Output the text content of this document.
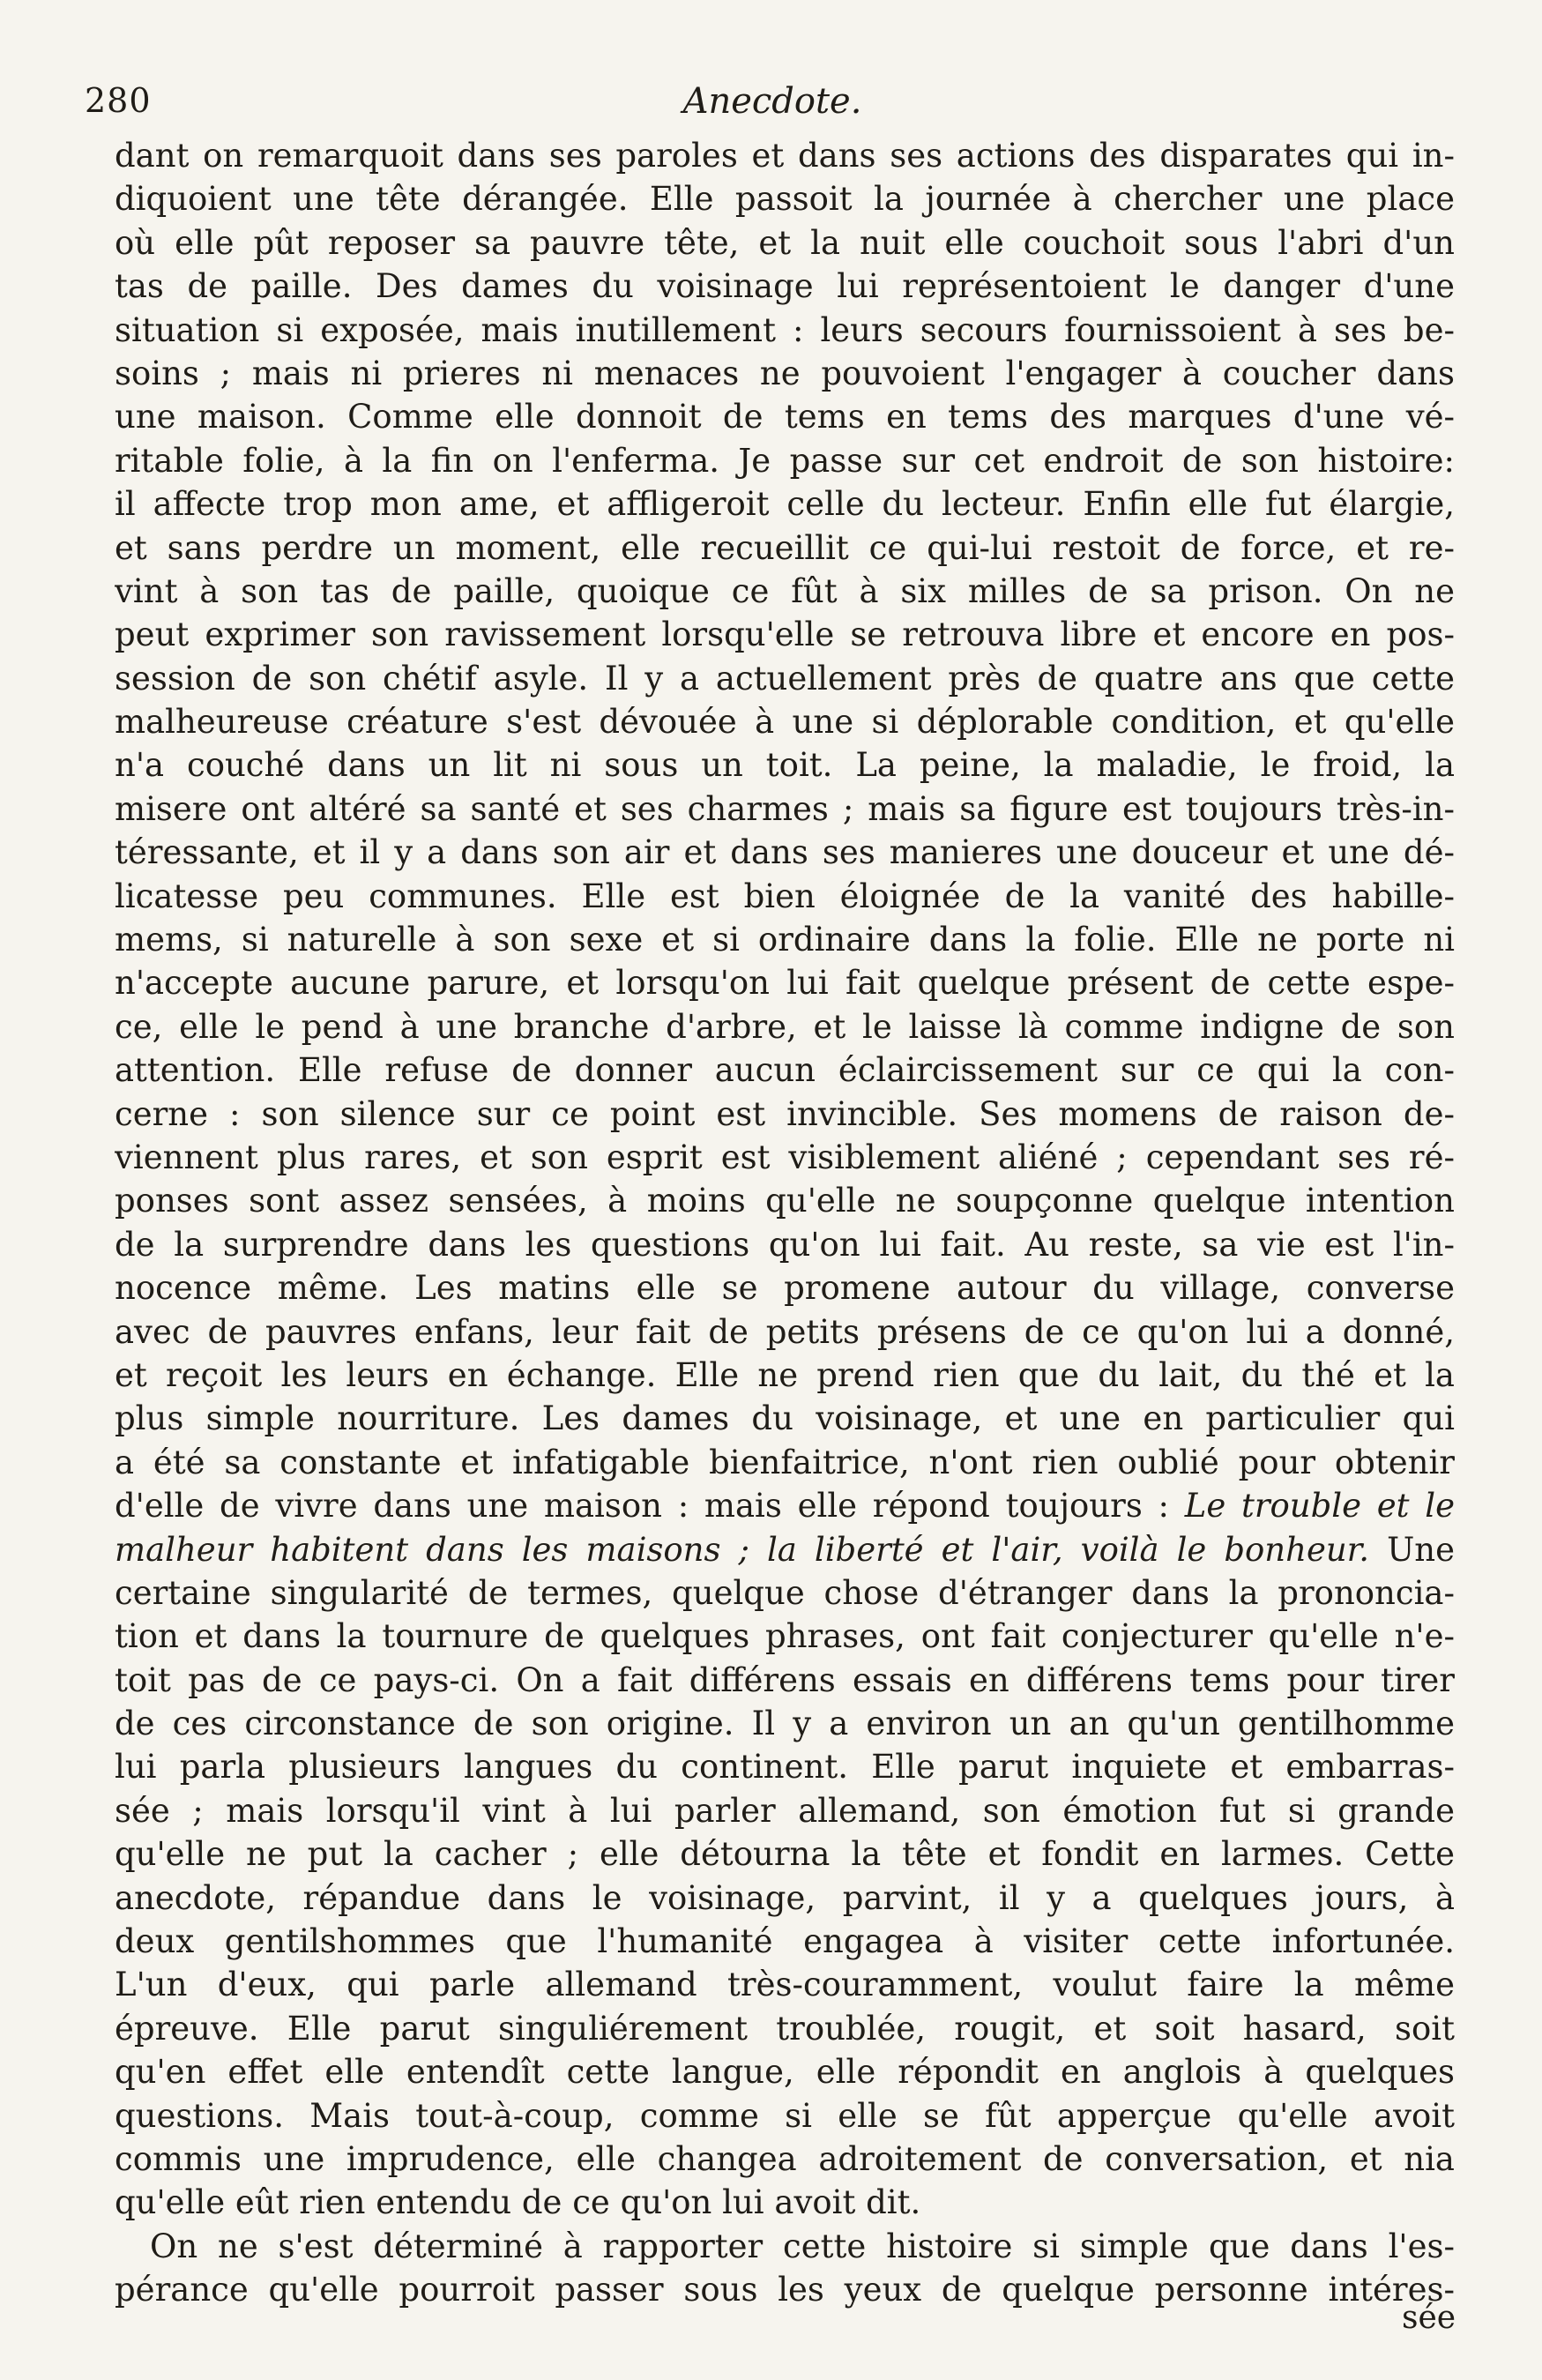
280	Anecdote.
dant on remarquoit dans ses paroles et dans ses actions des disparates qui in-
diquoient une tête dérangée. Elle passoit la journée à chercher une place
où elle pût reposer sa pauvre tête, et la nuit elle couchoit sous l'abri d'un
tas de paille. Des dames du voisinage lui représentoient le danger d'une
situation si exposée, mais inutillement : leurs secours fournissoient à ses be-
soins ; mais ni prieres ni menaces ne pouvoient l'engager à coucher dans
une maison. Comme elle donnoit de tems en tems des marques d'une vé-
ritable folie, à la fin on l'enferma. Je passe sur cet endroit de son histoire:
il affecte trop mon ame, et affligeroit celle du lecteur. Enfin elle fut élargie,
et sans perdre un moment, elle recueillit ce qui-lui restoit de force, et re-
vint à son tas de paille, quoique ce fût à six milles de sa prison. On ne
peut exprimer son ravissement lorsqu'elle se retrouva libre et encore en pos-
session de son chétif asyle. Il y a actuellement près de quatre ans que cette
malheureuse créature s'est dévouée à une si déplorable condition, et qu'elle
n'a couché dans un lit ni sous un toit. La peine, la maladie, le froid, la
misere ont altéré sa santé et ses charmes ; mais sa figure est toujours très-in-
téressante, et il y a dans son air et dans ses manieres une douceur et une dé-
licatesse peu communes. Elle est bien éloignée de la vanité des habille-
mems, si naturelle à son sexe et si ordinaire dans la folie. Elle ne porte ni
n'accepte aucune parure, et lorsqu'on lui fait quelque présent de cette espe-
ce, elle le pend à une branche d'arbre, et le laisse là comme indigne de son
attention. Elle refuse de donner aucun éclaircissement sur ce qui la con-
cerne : son silence sur ce point est invincible. Ses momens de raison de-
viennent plus rares, et son esprit est visiblement aliéné ; cependant ses ré-
ponses sont assez sensées, à moins qu'elle ne soupçonne quelque intention
de la surprendre dans les questions qu'on lui fait. Au reste, sa vie est l'in-
nocence même. Les matins elle se promene autour du village, converse
avec de pauvres enfans, leur fait de petits présens de ce qu'on lui a donné,
et reçoit les leurs en échange. Elle ne prend rien que du lait, du thé et la
plus simple nourriture. Les dames du voisinage, et une en particulier qui
a été sa constante et infatigable bienfaitrice, n'ont rien oublié pour obtenir
d'elle de vivre dans une maison : mais elle répond toujours : Le trouble et le
malheur habitent dans les maisons ; la liberté et l'air, voilà le bonheur. Une
certaine singularité de termes, quelque chose d'étranger dans la prononcia-
tion et dans la tournure de quelques phrases, ont fait conjecturer qu'elle n'e-
toit pas de ce pays-ci. On a fait différens essais en différens tems pour tirer
de ces circonstance de son origine. Il y a environ un an qu'un gentilhomme
lui parla plusieurs langues du continent. Elle parut inquiete et embarras-
sée ; mais lorsqu'il vint à lui parler allemand, son émotion fut si grande
qu'elle ne put la cacher ; elle détourna la tête et fondit en larmes. Cette
anecdote, répandue dans le voisinage, parvint, il y a quelques jours, à
deux gentilshommes que l'humanité engagea à visiter cette infortunée.
L'un d'eux, qui parle allemand très-couramment, voulut faire la même
épreuve. Elle parut singuliérement troublée, rougit, et soit hasard, soit
qu'en effet elle entendît cette langue, elle répondit en anglois à quelques
questions. Mais tout-à-coup, comme si elle se fût apperçue qu'elle avoit
commis une imprudence, elle changea adroitement de conversation, et nia
qu'elle eût rien entendu de ce qu'on lui avoit dit.
On ne s'est déterminé à rapporter cette histoire si simple que dans l'es-
pérance qu'elle pourroit passer sous les yeux de quelque personne intéres-
sée
